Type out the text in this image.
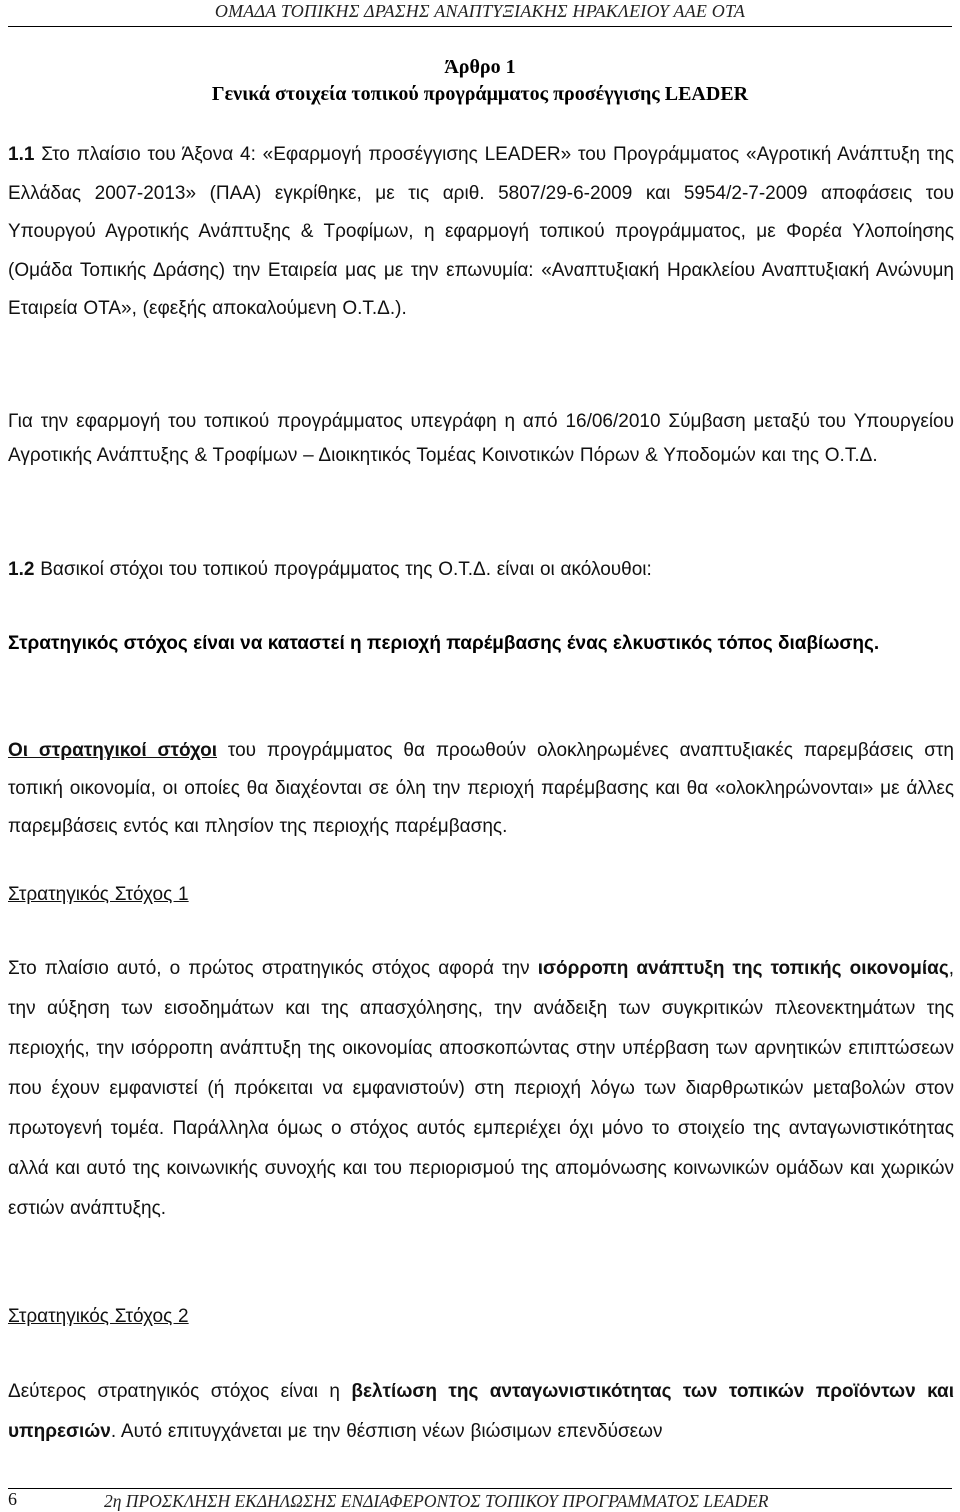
ΟΜΑΔΑ ΤΟΠΙΚΗΣ ΔΡΑΣΗΣ ΑΝΑΠΤΥΞΙΑΚΗΣ ΗΡΑΚΛΕΙΟΥ ΑΑΕ ΟΤΑ
Άρθρο 1
Γενικά στοιχεία τοπικού προγράμματος προσέγγισης LEADER
1.1 Στο πλαίσιο του Άξονα 4: «Εφαρμογή προσέγγισης LEADER» του Προγράμματος «Αγροτική Ανάπτυξη της Ελλάδας 2007-2013» (ΠΑΑ) εγκρίθηκε, με τις αριθ. 5807/29-6-2009 και 5954/2-7-2009 αποφάσεις του Υπουργού Αγροτικής Ανάπτυξης & Τροφίμων, η εφαρμογή τοπικού προγράμματος, με Φορέα Υλοποίησης (Ομάδα Τοπικής Δράσης) την Εταιρεία μας με την επωνυμία: «Αναπτυξιακή Ηρακλείου Αναπτυξιακή Ανώνυμη Εταιρεία ΟΤΑ», (εφεξής αποκαλούμενη Ο.Τ.Δ.).
Για την εφαρμογή του τοπικού προγράμματος υπεγράφη η από 16/06/2010 Σύμβαση μεταξύ του Υπουργείου Αγροτικής Ανάπτυξης & Τροφίμων – Διοικητικός Τομέας Κοινοτικών Πόρων & Υποδομών και της Ο.Τ.Δ.
1.2 Βασικοί στόχοι του τοπικού προγράμματος της Ο.Τ.Δ. είναι οι ακόλουθοι:
Στρατηγικός στόχος είναι να καταστεί η περιοχή παρέμβασης ένας ελκυστικός τόπος διαβίωσης.
Οι στρατηγικοί στόχοι του προγράμματος θα προωθούν ολοκληρωμένες αναπτυξιακές παρεμβάσεις στη τοπική οικονομία, οι οποίες θα διαχέονται σε όλη την περιοχή παρέμβασης και θα «ολοκληρώνονται» με άλλες παρεμβάσεις εντός και πλησίον της περιοχής παρέμβασης.
Στρατηγικός Στόχος 1
Στο πλαίσιο αυτό, ο πρώτος στρατηγικός στόχος αφορά την ισόρροπη ανάπτυξη της τοπικής οικονομίας, την αύξηση των εισοδημάτων και της απασχόλησης, την ανάδειξη των συγκριτικών πλεονεκτημάτων της περιοχής, την ισόρροπη ανάπτυξη της οικονομίας αποσκοπώντας στην υπέρβαση των αρνητικών επιπτώσεων που έχουν εμφανιστεί (ή πρόκειται να εμφανιστούν) στη περιοχή λόγω των διαρθρωτικών μεταβολών στον πρωτογενή τομέα. Παράλληλα όμως ο στόχος αυτός εμπεριέχει όχι μόνο το στοιχείο της ανταγωνιστικότητας αλλά και αυτό της κοινωνικής συνοχής και του περιορισμού της απομόνωσης κοινωνικών ομάδων και χωρικών εστιών ανάπτυξης.
Στρατηγικός Στόχος 2
Δεύτερος στρατηγικός στόχος είναι η βελτίωση της ανταγωνιστικότητας των τοπικών προϊόντων και υπηρεσιών. Αυτό επιτυγχάνεται με την θέσπιση νέων βιώσιμων επενδύσεων
6	2η ΠΡΟΣΚΛΗΣΗ ΕΚΔΗΛΩΣΗΣ ΕΝΔΙΑΦΕΡΟΝΤΟΣ ΤΟΠΙΚΟΥ ΠΡΟΓΡΑΜΜΑΤΟΣ LEADER
